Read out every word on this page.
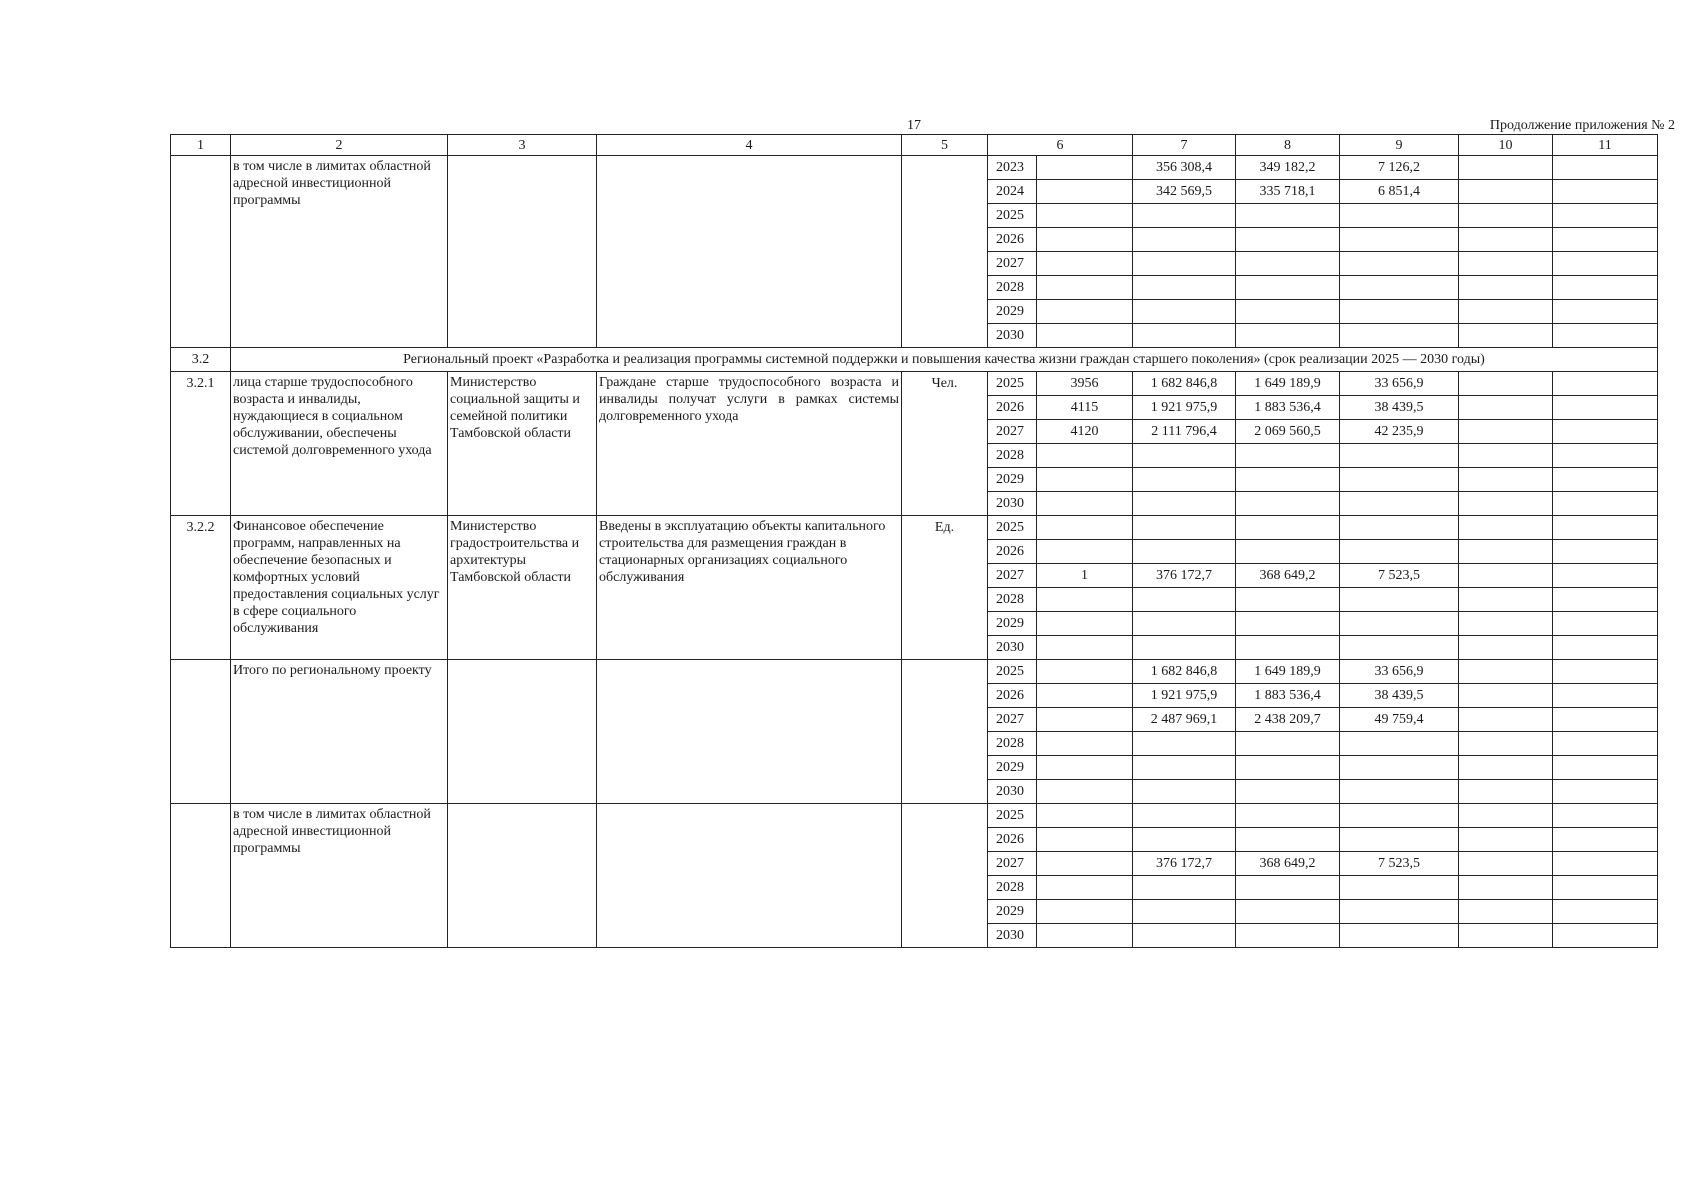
17	Продолжение приложения № 2
1	2	3	4	5	6		7	8	9	10	11
	в том числе в лимитах областной адресной инвестиционной программы				2023		356 308,4	349 182,2	7 126,2		
					2024		342 569,5	335 718,1	6 851,4		
					2025						
					2026						
					2027						
					2028						
					2029						
					2030						
3.2	Региональный проект «Разработка и реализация программы системной поддержки и повышения качества жизни граждан старшего поколения» (срок реализации 2025 — 2030 годы)										
3.2.1	лица старше трудоспособного возраста и инвалиды, нуждающиеся в социальном обслуживании, обеспечены системой долговременного ухода	Министерство социальной защиты и семейной политики Тамбовской области	Граждане старше трудоспособного возраста и инвалиды получат услуги в рамках системы долговременного ухода	Чел.	2025	3956	1 682 846,8	1 649 189,9	33 656,9		
					2026	4115	1 921 975,9	1 883 536,4	38 439,5		
					2027	4120	2 111 796,4	2 069 560,5	42 235,9		
					2028						
					2029						
					2030						
3.2.2	Финансовое обеспечение программ, направленных на обеспечение безопасных и комфортных условий предоставления социальных услуг в сфере социального обслуживания	Министерство градостроительства и архитектуры Тамбовской области	Введены в эксплуатацию объекты капитального строительства для размещения граждан в стационарных организациях социального обслуживания	Ед.	2025						
					2026						
					2027	1	376 172,7	368 649,2	7 523,5		
					2028						
					2029						
					2030						
	Итого по региональному проекту				2025		1 682 846,8	1 649 189,9	33 656,9		
					2026		1 921 975,9	1 883 536,4	38 439,5		
					2027		2 487 969,1	2 438 209,7	49 759,4		
					2028						
					2029						
					2030						
	в том числе в лимитах областной адресной инвестиционной программы				2025						
					2026						
					2027		376 172,7	368 649,2	7 523,5		
					2028						
					2029						
					2030						
